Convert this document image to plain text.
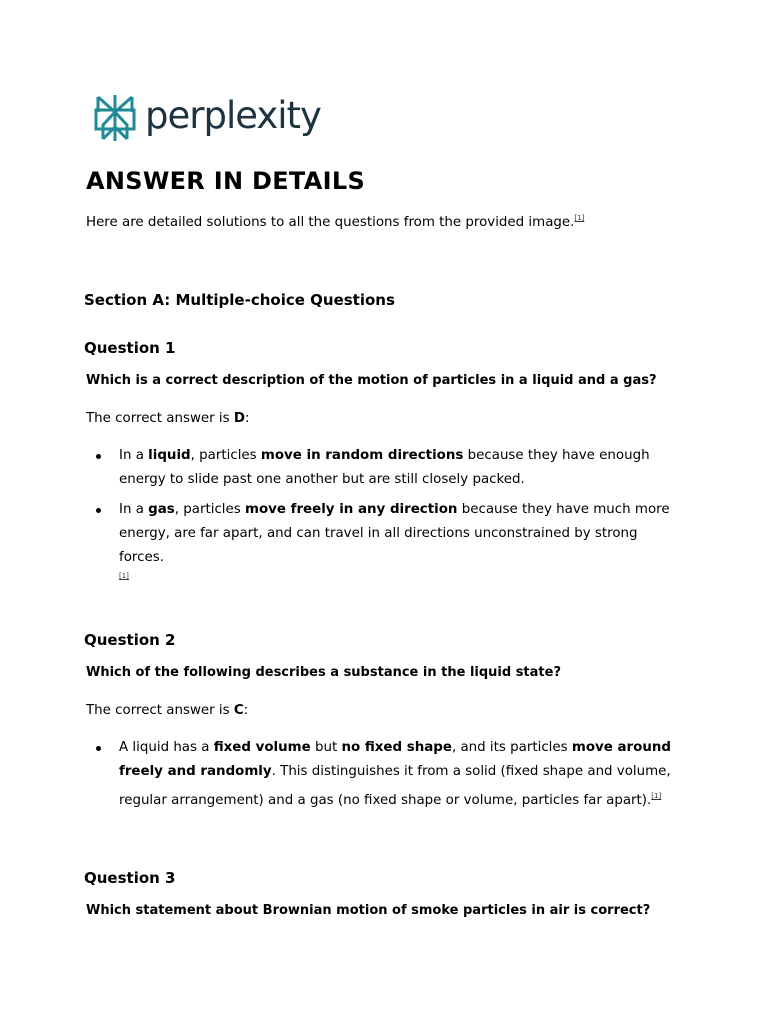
perplexity
ANSWER IN DETAILS

Here are detailed solutions to all the questions from the provided image.[1]

Section A: Multiple-choice Questions
Question 1

Which is a correct description of the motion of particles in a liquid and a gas?

The correct answer is D:

In a liquid, particles move in random directions because they have enough energy to slide past one another but are still closely packed.
In a gas, particles move freely in any direction because they have much more energy, are far apart, and can travel in all directions unconstrained by strong forces.
[1]
Question 2

Which of the following describes a substance in the liquid state?

The correct answer is C:

A liquid has a fixed volume but no fixed shape, and its particles move around freely and randomly. This distinguishes it from a solid (fixed shape and volume, regular arrangement) and a gas (no fixed shape or volume, particles far apart).[1]
Question 3

Which statement about Brownian motion of smoke particles in air is correct?
